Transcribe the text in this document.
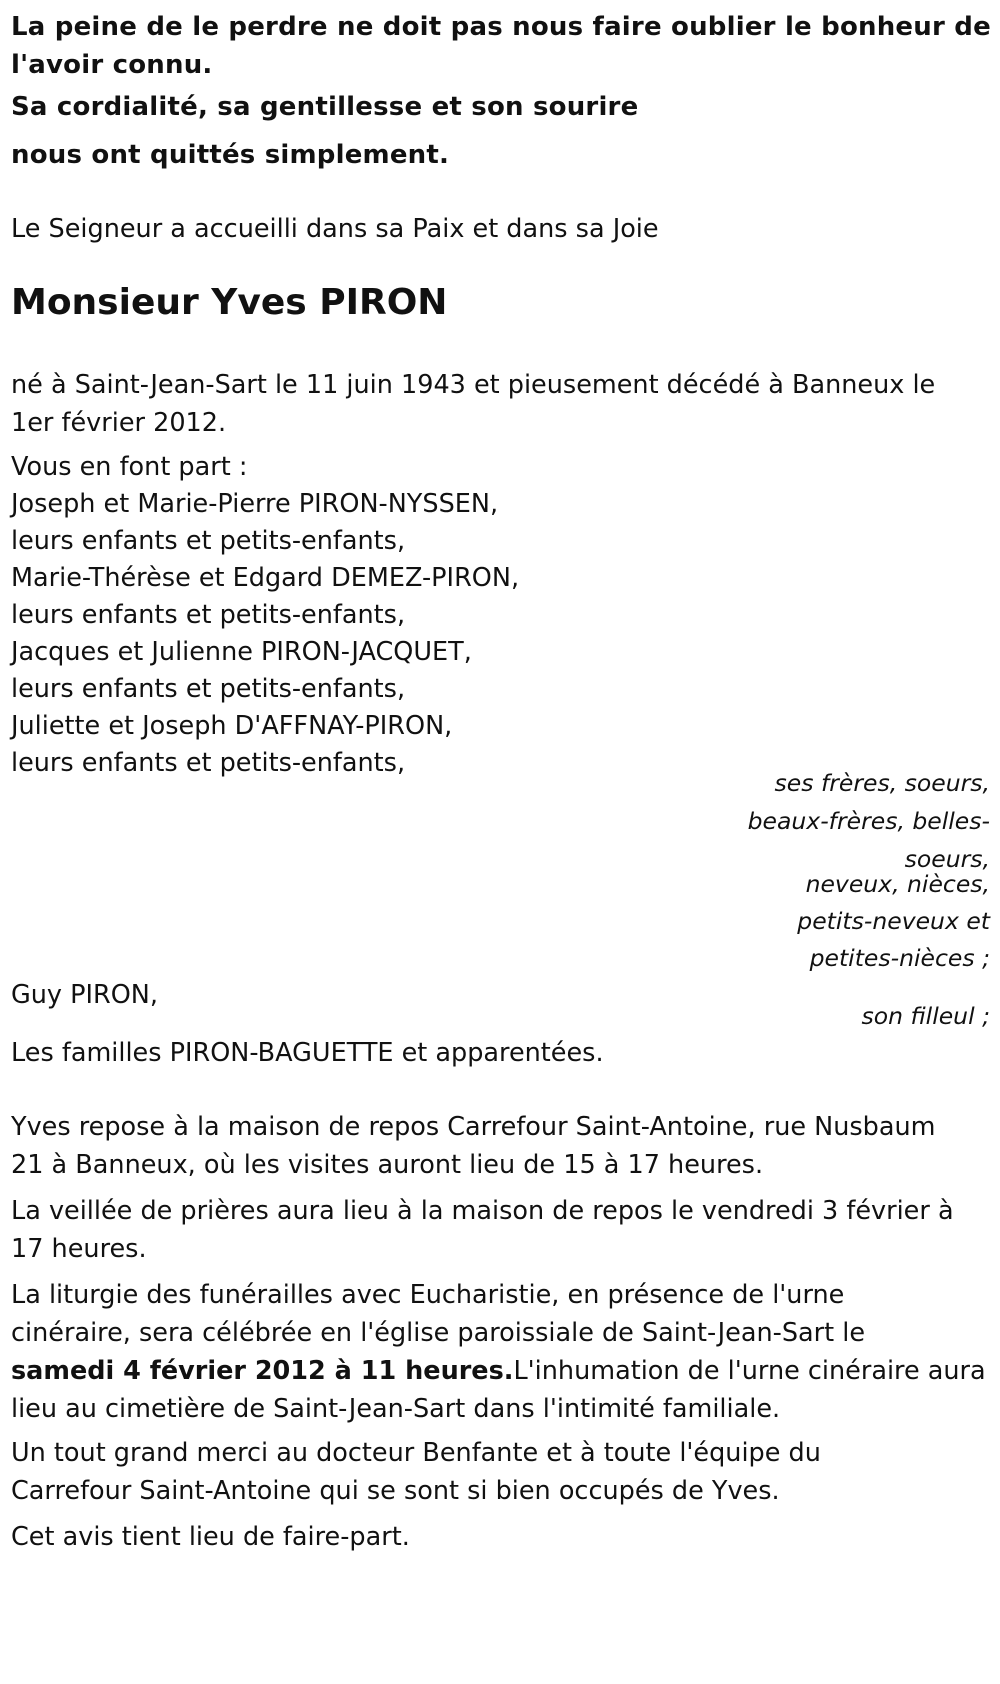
La peine de le perdre ne doit pas nous faire oublier le bonheur de
l'avoir connu.
Sa cordialité, sa gentillesse et son sourire
nous ont quittés simplement.
Le Seigneur a accueilli dans sa Paix et dans sa Joie
Monsieur Yves PIRON
né à Saint-Jean-Sart le 11 juin 1943 et pieusement décédé à Banneux le
1er février 2012.
Vous en font part :
Joseph et Marie-Pierre PIRON-NYSSEN,
leurs enfants et petits-enfants,
Marie-Thérèse et Edgard DEMEZ-PIRON,
leurs enfants et petits-enfants,
Jacques et Julienne PIRON-JACQUET,
leurs enfants et petits-enfants,
Juliette et Joseph D'AFFNAY-PIRON,
leurs enfants et petits-enfants,
ses frères, soeurs,
beaux-frères, belles-
soeurs,
neveux, nièces,
petits-neveux et
petites-nièces ;
Guy PIRON,
son filleul ;
Les familles PIRON-BAGUETTE et apparentées.
Yves repose à la maison de repos Carrefour Saint-Antoine, rue Nusbaum
21 à Banneux, où les visites auront lieu de 15 à 17 heures.
La veillée de prières aura lieu à la maison de repos le vendredi 3 février à
17 heures.
La liturgie des funérailles avec Eucharistie, en présence de l'urne
cinéraire, sera célébrée en l'église paroissiale de Saint-Jean-Sart le
samedi 4 février 2012 à 11 heures.L'inhumation de l'urne cinéraire aura
lieu au cimetière de Saint-Jean-Sart dans l'intimité familiale.
Un tout grand merci au docteur Benfante et à toute l'équipe du
Carrefour Saint-Antoine qui se sont si bien occupés de Yves.
Cet avis tient lieu de faire-part.
